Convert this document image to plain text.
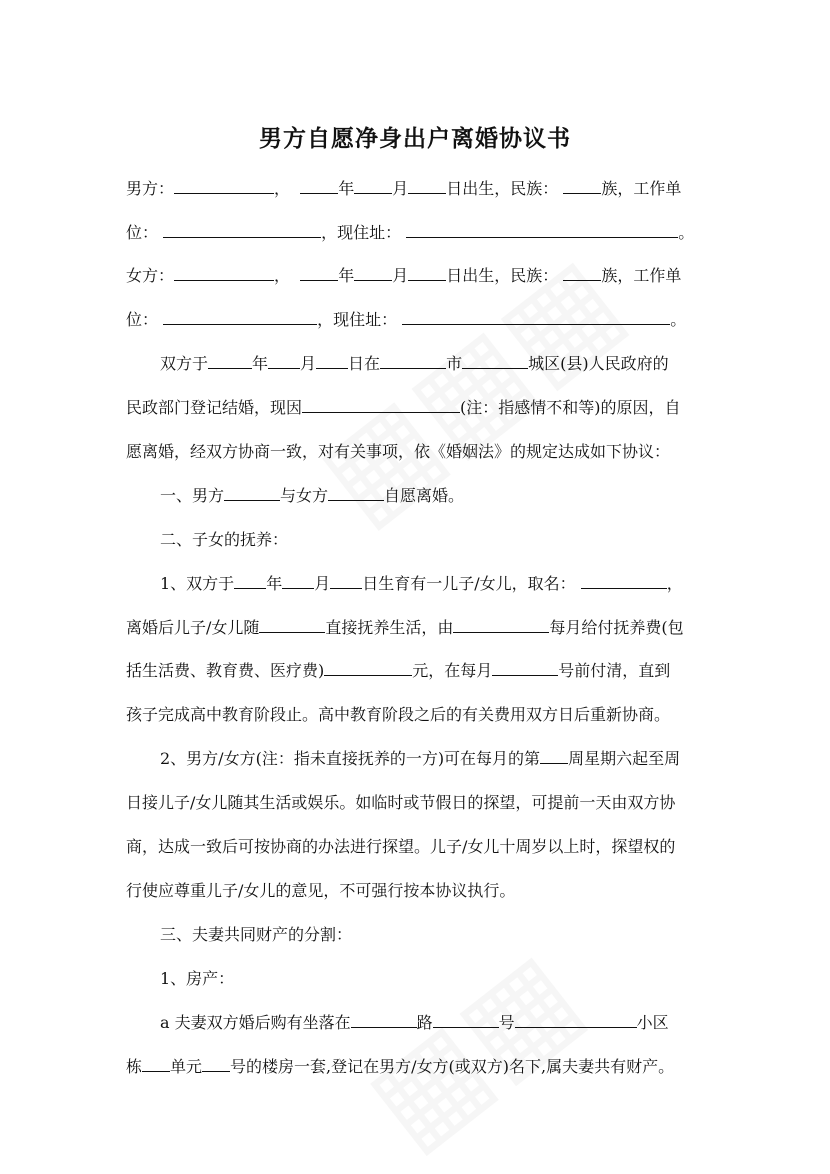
男方自愿净身出户离婚协议书
男方：	，	年 月 日出生，民族：	族，工作单
位：	，现住址：	。
女方：	，	年 月 日出生，民族：	族，工作单
位：	，现住址：	。
双方于	年 月 日在	市	城区(县)人民政府的
民政部门登记结婚，现因	(注：指感情不和等)的原因，自
愿离婚，经双方协商一致，对有关事项，依《婚姻法》的规定达成如下协议：
一、男方	与女方	自愿离婚。
二、子女的抚养：
1、双方于 年 月 日生育有一儿子/女儿，取名：	，
离婚后儿子/女儿随	直接抚养生活，由	每月给付抚养费(包
括生活费、教育费、医疗费)	元，在每月	号前付清，直到
孩子完成高中教育阶段止。高中教育阶段之后的有关费用双方日后重新协商。
2、男方/女方(注：指未直接抚养的一方)可在每月的第 周星期六起至周
日接儿子/女儿随其生活或娱乐。如临时或节假日的探望，可提前一天由双方协
商，达成一致后可按协商的办法进行探望。儿子/女儿十周岁以上时，探望权的
行使应尊重儿子/女儿的意见，不可强行按本协议执行。
三、夫妻共同财产的分割：
1、房产：
a 夫妻双方婚后购有坐落在	路	号	小区
栋 单元 号的楼房一套,登记在男方/女方(或双方)名下,属夫妻共有财产。
